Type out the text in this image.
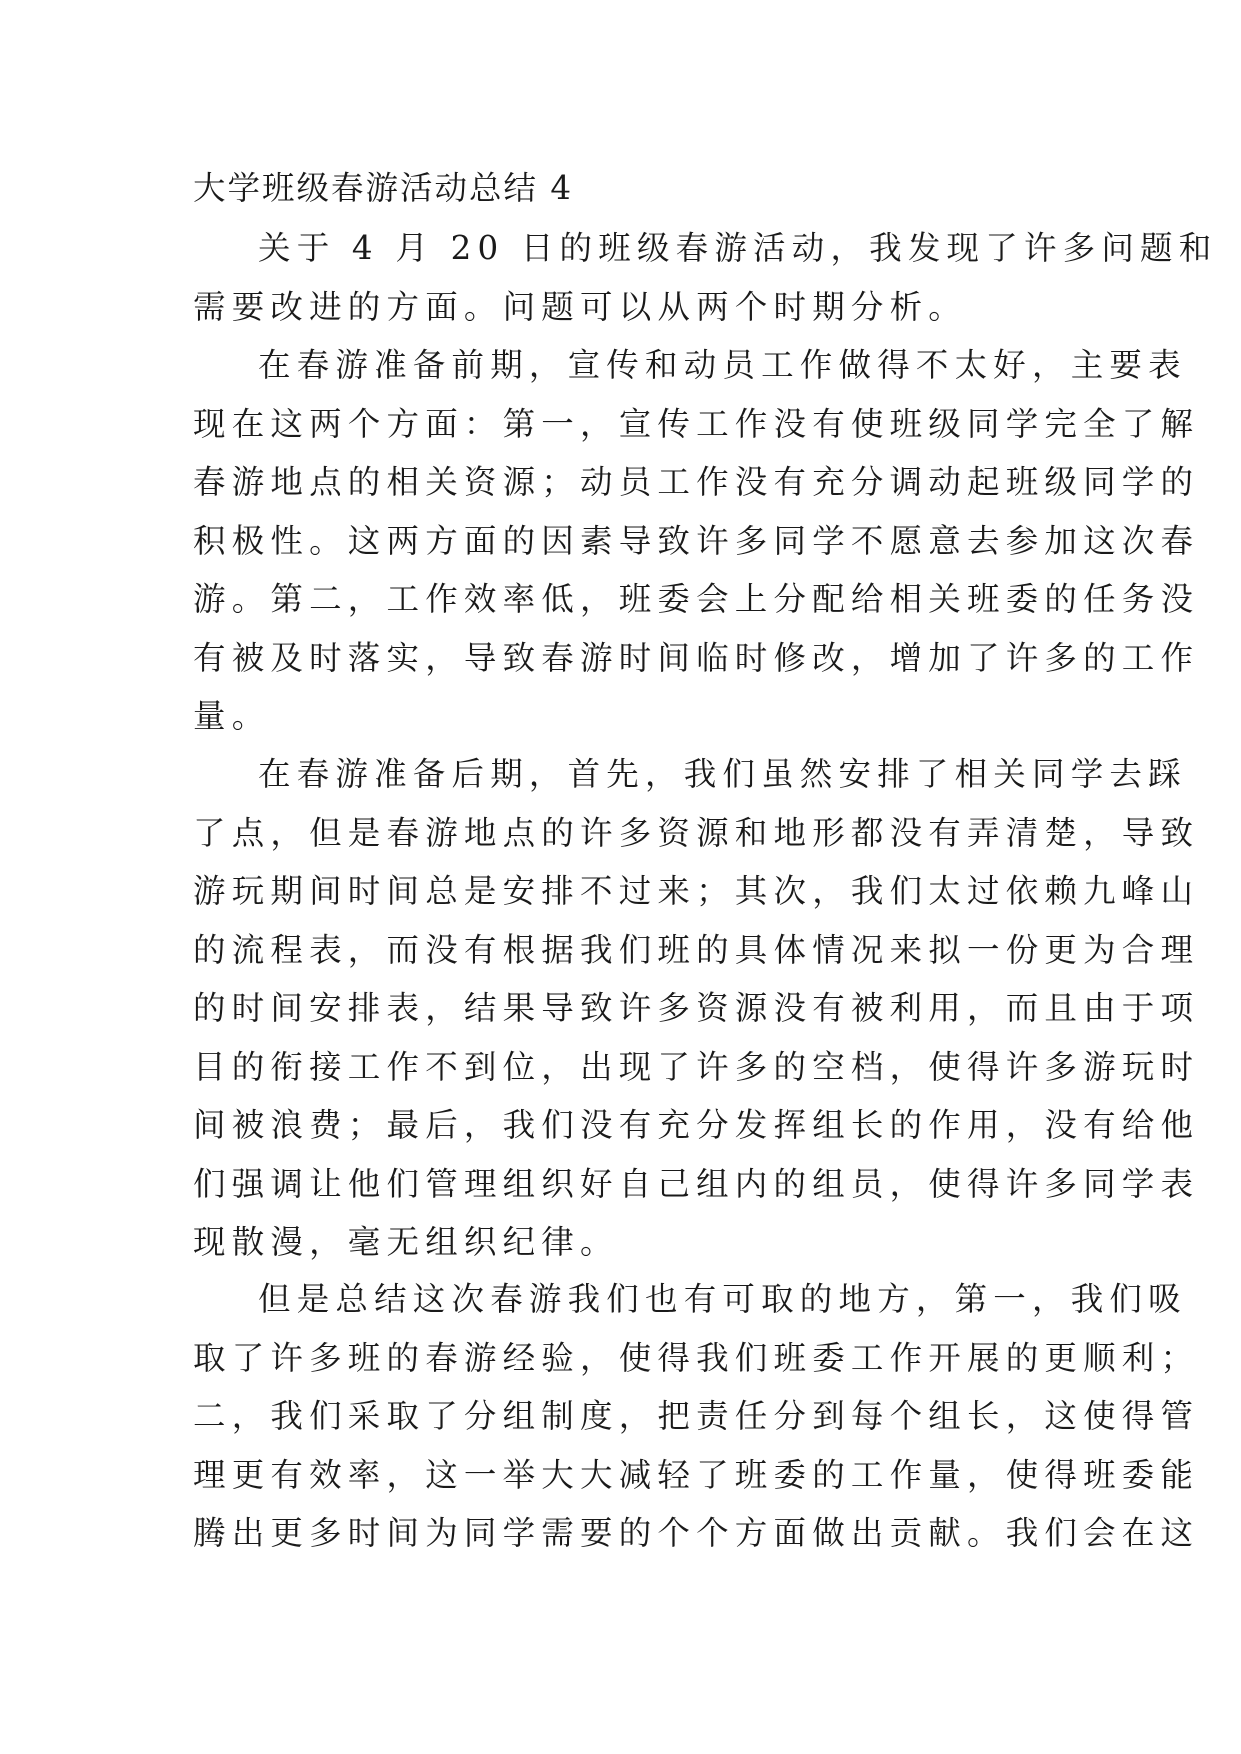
大学班级春游活动总结 4

关于 4 月 20 日的班级春游活动，我发现了许多问题和
需要改进的方面。问题可以从两个时期分析。

在春游准备前期，宣传和动员工作做得不太好，主要表
现在这两个方面：第一，宣传工作没有使班级同学完全了解
春游地点的相关资源；动员工作没有充分调动起班级同学的
积极性。这两方面的因素导致许多同学不愿意去参加这次春
游。第二，工作效率低，班委会上分配给相关班委的任务没
有被及时落实，导致春游时间临时修改，增加了许多的工作
量。

在春游准备后期，首先，我们虽然安排了相关同学去踩
了点，但是春游地点的许多资源和地形都没有弄清楚，导致
游玩期间时间总是安排不过来；其次，我们太过依赖九峰山
的流程表，而没有根据我们班的具体情况来拟一份更为合理
的时间安排表，结果导致许多资源没有被利用，而且由于项
目的衔接工作不到位，出现了许多的空档，使得许多游玩时
间被浪费；最后，我们没有充分发挥组长的作用，没有给他
们强调让他们管理组织好自己组内的组员，使得许多同学表
现散漫，毫无组织纪律。

但是总结这次春游我们也有可取的地方，第一，我们吸
取了许多班的春游经验，使得我们班委工作开展的更顺利；
二，我们采取了分组制度，把责任分到每个组长，这使得管
理更有效率，这一举大大减轻了班委的工作量，使得班委能
腾出更多时间为同学需要的个个方面做出贡献。我们会在这
